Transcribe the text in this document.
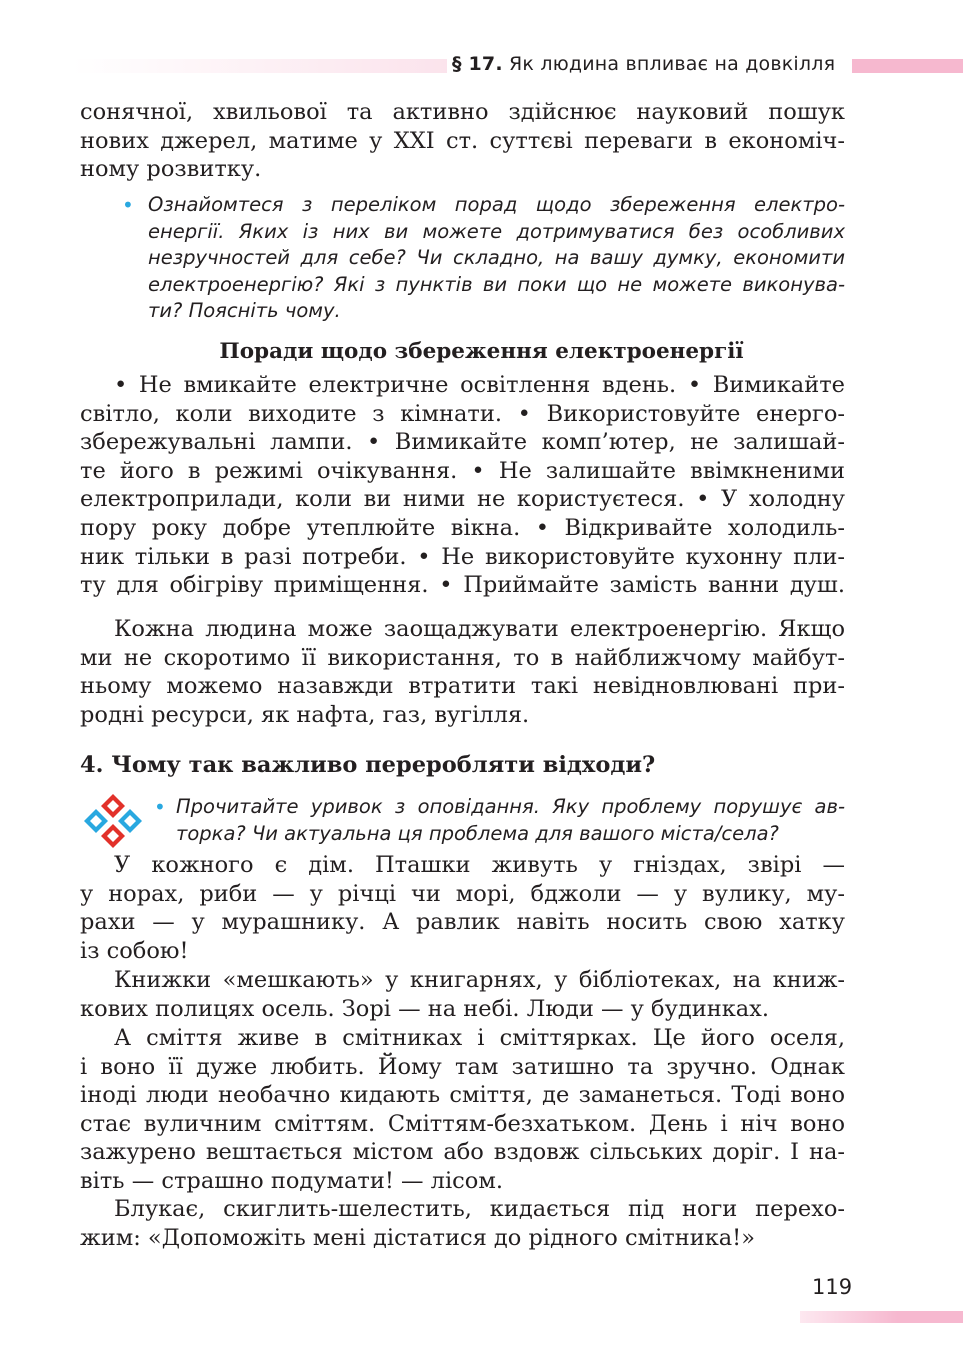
§ 17. Як людина впливає на довкілля
сонячної, хвильової та активно здійснює науковий пошук
нових джерел, матиме у XXI ст. суттєві переваги в економіч-
ному розвитку.
• Ознайомтеся з переліком порад щодо збереження електро-
енергії. Яких із них ви можете дотримуватися без особливих
незручностей для себе? Чи складно, на вашу думку, економити
електроенергію? Які з пунктів ви поки що не можете виконува-
ти? Поясніть чому.
Поради щодо збереження електроенергії
• Не вмикайте електричне освітлення вдень. • Вимикайте
світло, коли виходите з кімнати. • Використовуйте енерго-
збережувальні лампи. • Вимикайте комп’ютер, не залишай-
те його в режимі очікування. • Не залишайте ввімкненими
електроприлади, коли ви ними не користуєтеся. • У холодну
пору року добре утеплюйте вікна. • Відкривайте холодиль-
ник тільки в разі потреби. • Не використовуйте кухонну пли-
ту для обігріву приміщення. • Приймайте замість ванни душ.
Кожна людина може заощаджувати електроенергію. Якщо
ми не скоротимо її використання, то в найближчому майбут-
ньому можемо назавжди втратити такі невідновлювані при-
родні ресурси, як нафта, газ, вугілля.
4. Чому так важливо переробляти відходи?
• Прочитайте уривок з оповідання. Яку проблему порушує ав-
торка? Чи актуальна ця проблема для вашого міста/села?
У кожного є дім. Пташки живуть у гніздах, звірі —
у норах, риби — у річці чи морі, бджоли — у вулику, му-
рахи — у мурашнику. А равлик навіть носить свою хатку
із собою!
Книжки «мешкають» у книгарнях, у бібліотеках, на книж-
кових полицях осель. Зорі — на небі. Люди — у будинках.
А сміття живе в смітниках і сміттярках. Це його оселя,
і воно її дуже любить. Йому там затишно та зручно. Однак
іноді люди необачно кидають сміття, де заманеться. Тоді воно
стає вуличним сміттям. Сміттям-безхатьком. День і ніч воно
зажурено вештається містом або вздовж сільських доріг. І на-
віть — страшно подумати! — лісом.
Блукає, скиглить-шелестить, кидається під ноги перехо-
жим: «Допоможіть мені дістатися до рідного смітника!»
119
